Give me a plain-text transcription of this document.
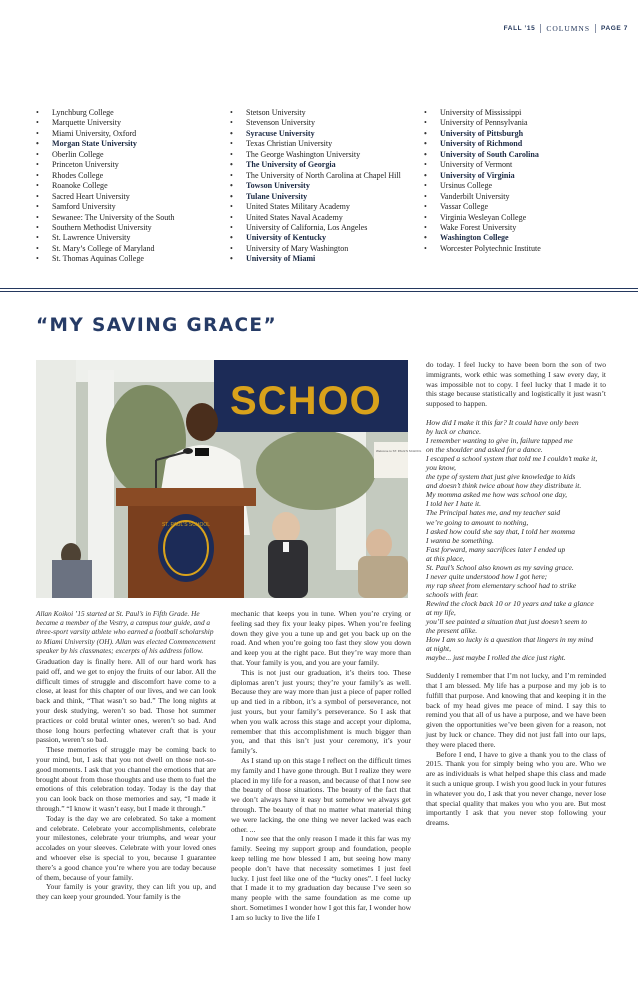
FALL ’15 COLUMNS PAGE 7
• Lynchburg College
• Marquette University
• Miami University, Oxford
• Morgan State University
• Oberlin College
• Princeton University
• Rhodes College
• Roanoke College
• Sacred Heart University
• Samford University
• Sewanee: The University of the South
• Southern Methodist University
• St. Lawrence University
• St. Mary’s College of Maryland
• St. Thomas Aquinas College
• Stetson University
• Stevenson University
• Syracuse University
• Texas Christian University
• The George Washington University
• The University of Georgia
• The University of North Carolina at Chapel Hill
• Towson University
• Tulane University
• United States Military Academy
• United States Naval Academy
• University of California, Los Angeles
• University of Kentucky
• University of Mary Washington
• University of Miami
• University of Mississippi
• University of Pennsylvania
• University of Pittsburgh
• University of Richmond
• University of South Carolina
• University of Vermont
• University of Virginia
• Ursinus College
• Vanderbilt University
• Vassar College
• Virginia Wesleyan College
• Wake Forest University
• Washington College
• Worcester Polytechnic Institute
“MY SAVING GRACE”
SCHOO
Welcome to ST. PAUL'S SCHOOL
ST. PAUL'S SCHOOL
Allan Koikoi ’15 started at St. Paul’s in Fifth Grade. He became a member of the Vestry, a campus tour guide, and a three-sport varsity athlete who earned a football scholarship to Miami University (OH). Allan was elected Commencement speaker by his classmates; excerpts of his address follow.

Graduation day is finally here. All of our hard work has paid off, and we get to enjoy the fruits of our labor. All the difficult times of struggle and discomfort have come to a close, at least for this chapter of our lives, and we can look back and think, “That wasn’t so bad.” The long nights at your desk studying, weren’t so bad. Those hot summer practices or cold brutal winter ones, weren’t so bad. And those long hours perfecting whatever craft that is your passion, weren’t so bad.

These memories of struggle may be coming back to your mind, but, I ask that you not dwell on those not-so-good moments. I ask that you channel the emotions that are brought about from those thoughts and use them to fuel the emotions of this celebration today. Today is the day that you can look back on those memories and say, “I made it through.” “I know it wasn’t easy, but I made it through.”

Today is the day we are celebrated. So take a moment and celebrate. Celebrate your accomplishments, celebrate your milestones, celebrate your triumphs, and wear your accolades on your sleeves. Celebrate with your loved ones and whoever else is special to you, because I guarantee there’s a good chance you’re where you are today because of them, because of your family.

Your family is your gravity, they can lift you up, and they can keep your grounded. Your family is the

mechanic that keeps you in tune. When you’re crying or feeling sad they fix your leaky pipes. When you’re feeling down they give you a tune up and get you back up on the road. And when you’re going too fast they slow you down and keep you at the right pace. But they’re way more than that. Your family is you, and you are your family.

This is not just our graduation, it’s theirs too. These diplomas aren’t just yours; they’re your family’s as well. Because they are way more than just a piece of paper rolled up and tied in a ribbon, it’s a symbol of perseverance, not just yours, but your family’s perseverance. So I ask that when you walk across this stage and accept your diploma, remember that this accomplishment is much bigger than you, and that this isn’t just your ceremony, it’s your family’s.

As I stand up on this stage I reflect on the difficult times my family and I have gone through. But I realize they were placed in my life for a reason, and because of that I now see the beauty of those situations. The beauty of the fact that we don’t always have it easy but somehow we always get through. The beauty of that no matter what material thing we were lacking, the one thing we never lacked was each other. ...

I now see that the only reason I made it this far was my family. Seeing my support group and foundation, people keep telling me how blessed I am, but seeing how many people don’t have that necessity sometimes I just feel lucky. I just feel like one of the “lucky ones”. I feel lucky that I made it to my graduation day because I’ve seen so many people with the same foundation as me come up short. Sometimes I wonder how I got this far, I wonder how I am so lucky to live the life I

do today. I feel lucky to have been born the son of two immigrants, work ethic was something I saw every day, it was impossible not to copy. I feel lucky that I made it to this stage because statistically and logistically it just wasn’t supposed to happen.

How did I make it this far? It could have only been
by luck or chance.
I remember wanting to give in, failure tapped me
on the shoulder and asked for a dance.
I escaped a school system that told me I couldn’t make it,
you know,
the type of system that just give knowledge to kids
and doesn’t think twice about how they distribute it.
My momma asked me how was school one day,
I told her I hate it.
The Principal hates me, and my teacher said
we’re going to amount to nothing,
I asked how could she say that, I told her momma
I wanna be something.
Fast forward, many sacrifices later I ended up
at this place,
St. Paul’s School also known as my saving grace.
I never quite understood how I got here;
my rap sheet from elementary school had to strike
schools with fear.
Rewind the clock back 10 or 10 years and take a glance
at my life,
you’ll see painted a situation that just doesn’t seem to
the present alike.
How I am so lucky is a question that lingers in my mind
at night,
maybe... just maybe I rolled the dice just right.

Suddenly I remember that I’m not lucky, and I’m reminded that I am blessed. My life has a purpose and my job is to fulfill that purpose. And knowing that and keeping it in the back of my head gives me peace of mind. I say this to remind you that all of us have a purpose, and we have been given the opportunities we’ve been given for a reason, not just by luck or chance. They did not just fall into our laps, they were placed there.

Before I end, I have to give a thank you to the class of 2015. Thank you for simply being who you are. Who we are as individuals is what helped shape this class and made it such a unique group. I wish you good luck in your futures in whatever you do, I ask that you never change, never lose that special quality that makes you who you are. But most importantly I ask that you never stop following your dreams.
